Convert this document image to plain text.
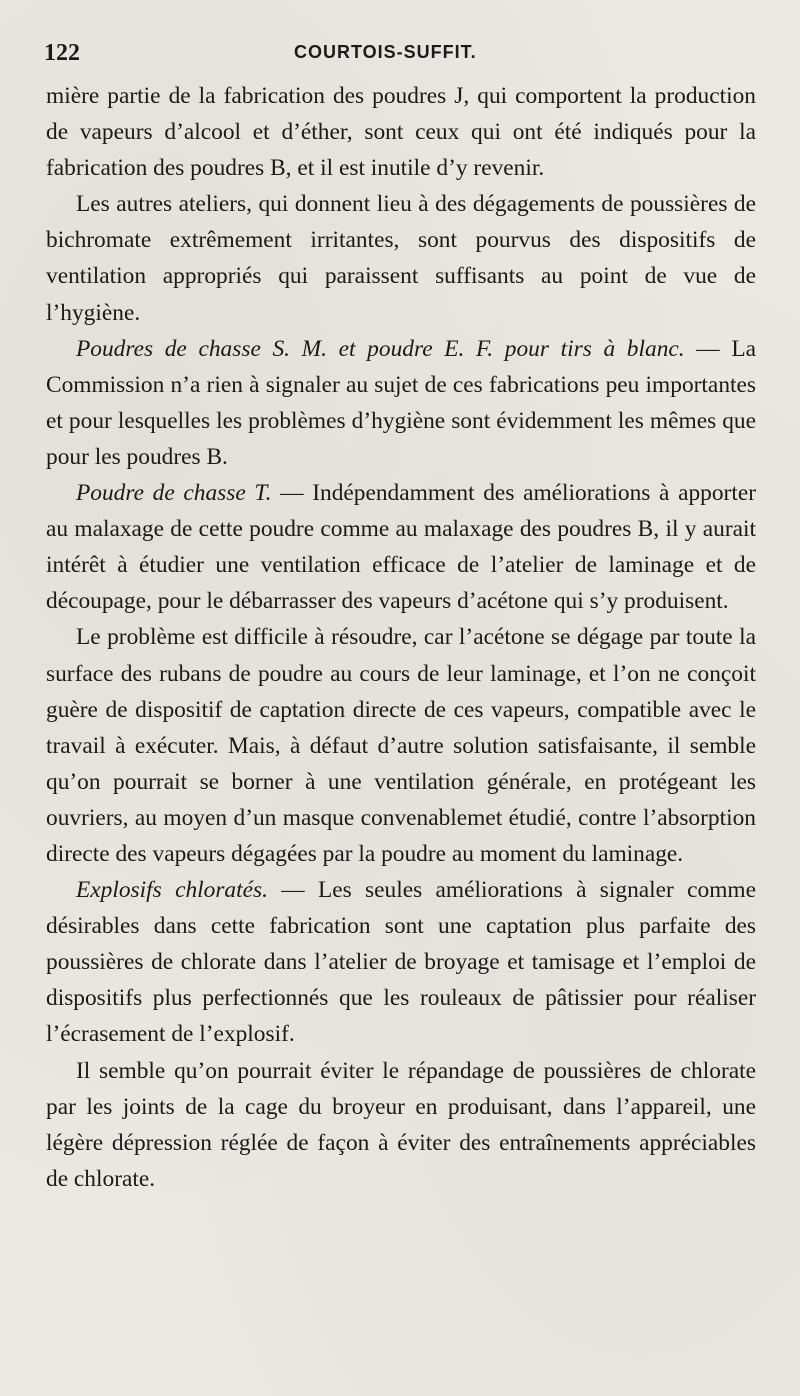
122	COURTOIS-SUFFIT.

mière partie de la fabrication des poudres J, qui comportent la production de vapeurs d’alcool et d’éther, sont ceux qui ont été indiqués pour la fabrication des poudres B, et il est inutile d’y revenir.

Les autres ateliers, qui donnent lieu à des dégagements de poussières de bichromate extrêmement irritantes, sont pourvus des dispositifs de ventilation appropriés qui paraissent suffisants au point de vue de l’hygiène.

Poudres de chasse S. M. et poudre E. F. pour tirs à blanc. — La Commission n’a rien à signaler au sujet de ces fabrications peu importantes et pour lesquelles les problèmes d’hygiène sont évidemment les mêmes que pour les poudres B.

Poudre de chasse T. — Indépendamment des améliorations à apporter au malaxage de cette poudre comme au malaxage des poudres B, il y aurait intérêt à étudier une ventilation efficace de l’atelier de laminage et de découpage, pour le débarrasser des vapeurs d’acétone qui s’y produisent.

Le problème est difficile à résoudre, car l’acétone se dégage par toute la surface des rubans de poudre au cours de leur laminage, et l’on ne conçoit guère de dispositif de captation directe de ces vapeurs, compatible avec le travail à exécuter. Mais, à défaut d’autre solution satisfaisante, il semble qu’on pourrait se borner à une ventilation générale, en protégeant les ouvriers, au moyen d’un masque convenablemet étudié, contre l’absorption directe des vapeurs dégagées par la poudre au moment du laminage.

Explosifs chloratés. — Les seules améliorations à signaler comme désirables dans cette fabrication sont une captation plus parfaite des poussières de chlorate dans l’atelier de broyage et tamisage et l’emploi de dispositifs plus perfectionnés que les rouleaux de pâtissier pour réaliser l’écrasement de l’explosif.

Il semble qu’on pourrait éviter le répandage de poussières de chlorate par les joints de la cage du broyeur en produisant, dans l’appareil, une légère dépression réglée de façon à éviter des entraînements appréciables de chlorate.
